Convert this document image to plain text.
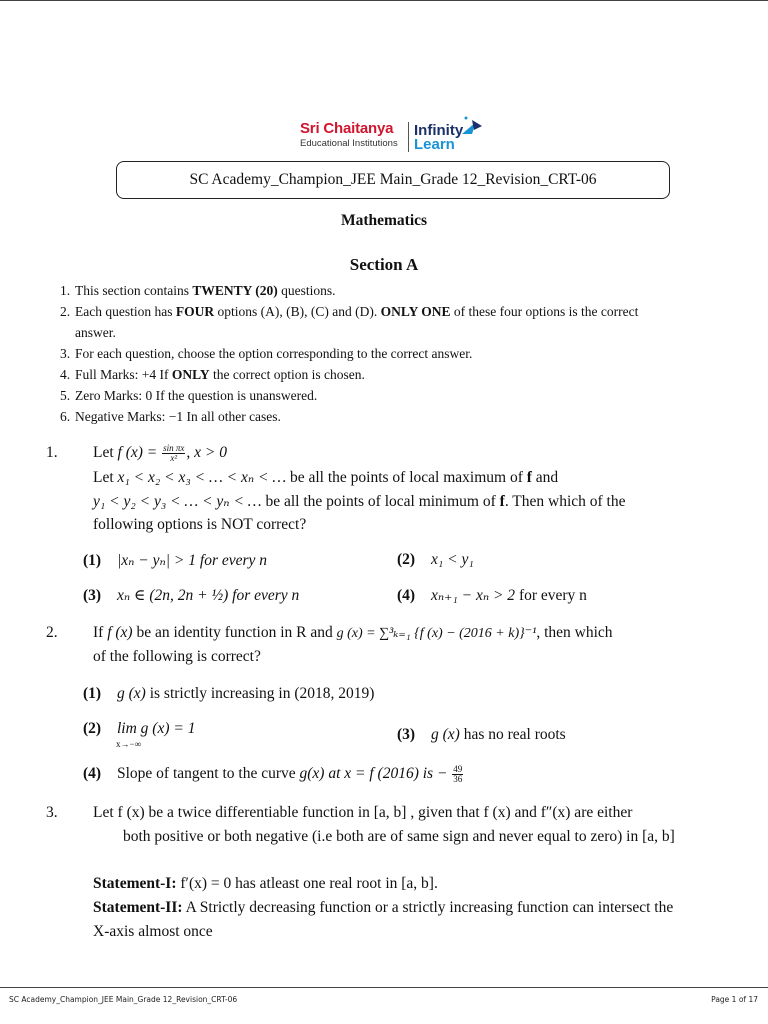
Sri Chaitanya
Educational Institutions
Infinity
Learn
SC Academy_Champion_JEE Main_Grade 12_Revision_CRT-06
Mathematics
Section A
1. This section contains TWENTY (20) questions.
2. Each question has FOUR options (A), (B), (C) and (D). ONLY ONE of these four options is the correct
answer.
3. For each question, choose the option corresponding to the correct answer.
4. Full Marks: +4 If ONLY the correct option is chosen.
5. Zero Marks: 0 If the question is unanswered.
6. Negative Marks: −1 In all other cases.
1. Let f $(x) = \frac{\text{sin πx}}{\text{x²}}$ , x > 0
Let x₁ < x₂ < x₃ < … < xₙ < … be all the points of local maximum of f and
y₁ < y₂ < y₃ < … < yₙ < … be all the points of local minimum of f. Then which of the
following options is NOT correct?
(1) |xₙ − yₙ| > 1 for every n	(2) x₁ < y₁
(3) xₙ ∈ (2n, 2n + ½) for every n	(4) xₙ₊₁ − xₙ > 2 for every n
2. If f (x) be an identity function in R and g (x) = ∑³ₖ₌₁ {f (x) − (2016 + k)}⁻¹, then which
of the following is correct?
(1) g (x) is strictly increasing in (2018, 2019)
(2) lim g (x) = 1
x→−∞
(3) g (x) has no real roots
(4) Slope of tangent to the curve g(x) at x = f (2016) is − $\frac{49}{36}$
3. Let f (x) be a twice differentiable function in [a, b] , given that f (x) and f″(x) are either
both positive or both negative (i.e both are of same sign and never equal to zero) in [a, b]
Statement-I: f′(x) = 0 has atleast one real root in [a, b].
Statement-II: A Strictly decreasing function or a strictly increasing function can intersect the
X-axis almost once
SC Academy_Champion_JEE Main_Grade 12_Revision_CRT-06	Page 1 of 17
